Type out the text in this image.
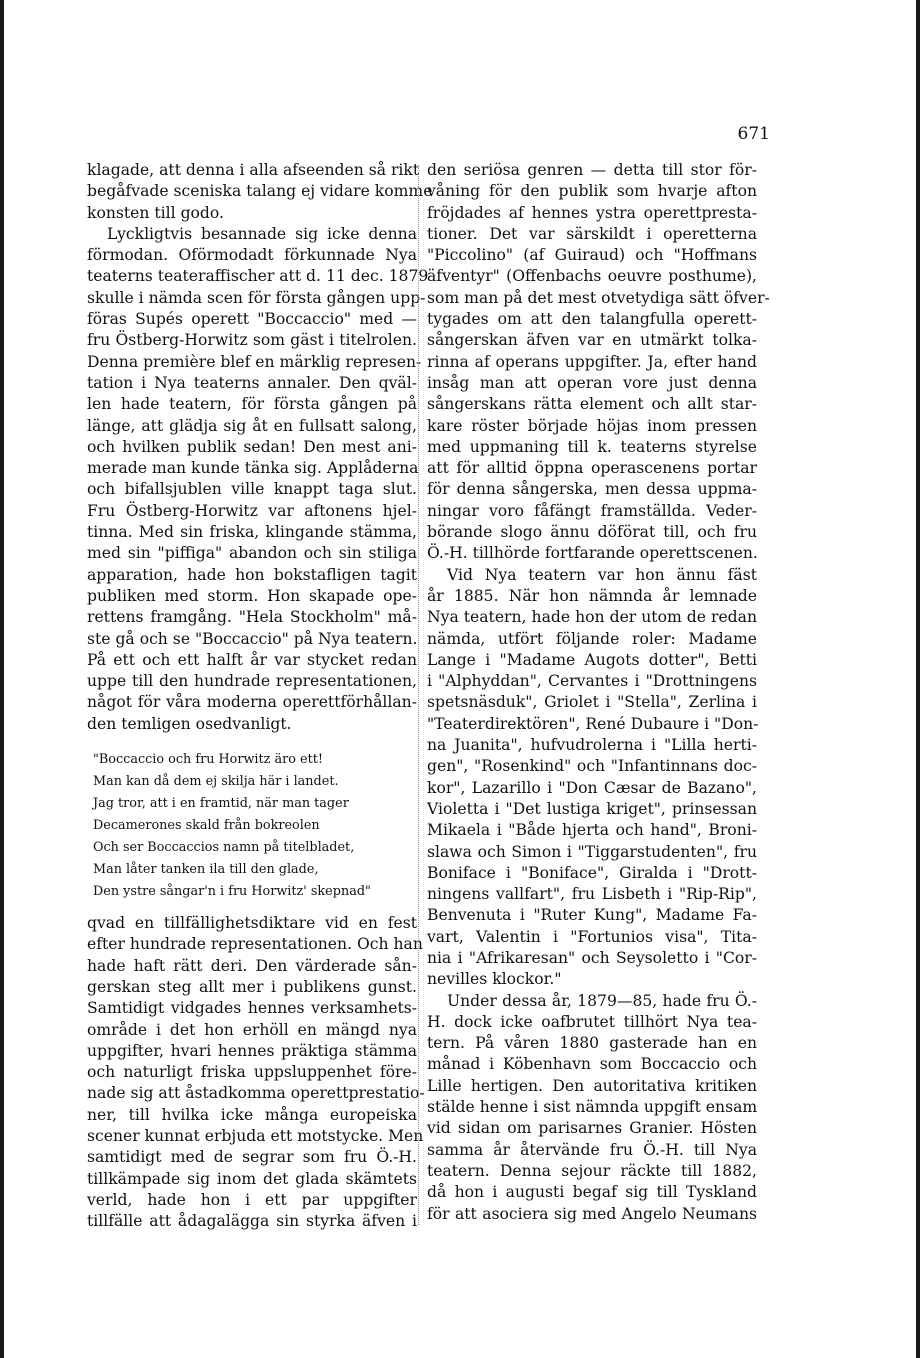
671
klagade, att denna i alla afseenden så rikt
begåfvade sceniska talang ej vidare komme
konsten till godo.
Lyckligtvis besannade sig icke denna
förmodan. Oförmodadt förkunnade Nya
teaterns teateraffischer att d. 11 dec. 1879
skulle i nämda scen för första gången upp-
föras Supés operett "Boccaccio" med —
fru Östberg-Horwitz som gäst i titelrolen.
Denna première blef en märklig represen-
tation i Nya teaterns annaler. Den qväl-
len hade teatern, för första gången på
länge, att glädja sig åt en fullsatt salong,
och hvilken publik sedan! Den mest ani-
merade man kunde tänka sig. Applåderna
och bifallsjublen ville knappt taga slut.
Fru Östberg-Horwitz var aftonens hjel-
tinna. Med sin friska, klingande stämma,
med sin "piffiga" abandon och sin stiliga
apparation, hade hon bokstafligen tagit
publiken med storm. Hon skapade ope-
rettens framgång. "Hela Stockholm" må-
ste gå och se "Boccaccio" på Nya teatern.
På ett och ett halft år var stycket redan
uppe till den hundrade representationen,
något för våra moderna operettförhållan-
den temligen osedvanligt.
"Boccaccio och fru Horwitz äro ett!
Man kan då dem ej skilja här i landet.
Jag tror, att i en framtid, när man tager
Decamerones skald från bokreolen
Och ser Boccaccios namn på titelbladet,
Man låter tanken ila till den glade,
Den ystre sångar'n i fru Horwitz' skepnad"
qvad en tillfällighetsdiktare vid en fest
efter hundrade representationen. Och han
hade haft rätt deri. Den värderade sån-
gerskan steg allt mer i publikens gunst.
Samtidigt vidgades hennes verksamhets-
område i det hon erhöll en mängd nya
uppgifter, hvari hennes präktiga stämma
och naturligt friska uppsluppenhet före-
nade sig att åstadkomma operettprestatio-
ner, till hvilka icke många europeiska
scener kunnat erbjuda ett motstycke. Men
samtidigt med de segrar som fru Ö.-H.
tillkämpade sig inom det glada skämtets
verld, hade hon i ett par uppgifter
tillfälle att ådagalägga sin styrka äfven i
den seriösa genren — detta till stor för-
våning för den publik som hvarje afton
fröjdades af hennes ystra operettpresta-
tioner. Det var särskildt i operetterna
"Piccolino" (af Guiraud) och "Hoffmans
äfventyr" (Offenbachs oeuvre posthume),
som man på det mest otvetydiga sätt öfver-
tygades om att den talangfulla operett-
sångerskan äfven var en utmärkt tolka-
rinna af operans uppgifter. Ja, efter hand
insåg man att operan vore just denna
sångerskans rätta element och allt star-
kare röster började höjas inom pressen
med uppmaning till k. teaterns styrelse
att för alltid öppna operascenens portar
för denna sångerska, men dessa uppma-
ningar voro fåfängt framställda. Veder-
börande slogo ännu döförat till, och fru
Ö.-H. tillhörde fortfarande operettscenen.
Vid Nya teatern var hon ännu fäst
år 1885. När hon nämnda år lemnade
Nya teatern, hade hon der utom de redan
nämda, utfört följande roler: Madame
Lange i "Madame Augots dotter", Betti
i "Alphyddan", Cervantes i "Drottningens
spetsnäsduk", Griolet i "Stella", Zerlina i
"Teaterdirektören", René Dubaure i "Don-
na Juanita", hufvudrolerna i "Lilla herti-
gen", "Rosenkind" och "Infantinnans doc-
kor", Lazarillo i "Don Cæsar de Bazano",
Violetta i "Det lustiga kriget", prinsessan
Mikaela i "Både hjerta och hand", Broni-
slawa och Simon i "Tiggarstudenten", fru
Boniface i "Boniface", Giralda i "Drott-
ningens vallfart", fru Lisbeth i "Rip-Rip",
Benvenuta i "Ruter Kung", Madame Fa-
vart, Valentin i "Fortunios visa", Tita-
nia i "Afrikaresan" och Seysoletto i "Cor-
nevilles klockor."
Under dessa år, 1879—85, hade fru Ö.-
H. dock icke oafbrutet tillhört Nya tea-
tern. På våren 1880 gasterade han en
månad i Köbenhavn som Boccaccio och
Lille hertigen. Den autoritativa kritiken
stälde henne i sist nämnda uppgift ensam
vid sidan om parisarnes Granier. Hösten
samma år återvände fru Ö.-H. till Nya
teatern. Denna sejour räckte till 1882,
då hon i augusti begaf sig till Tyskland
för att asociera sig med Angelo Neumans
